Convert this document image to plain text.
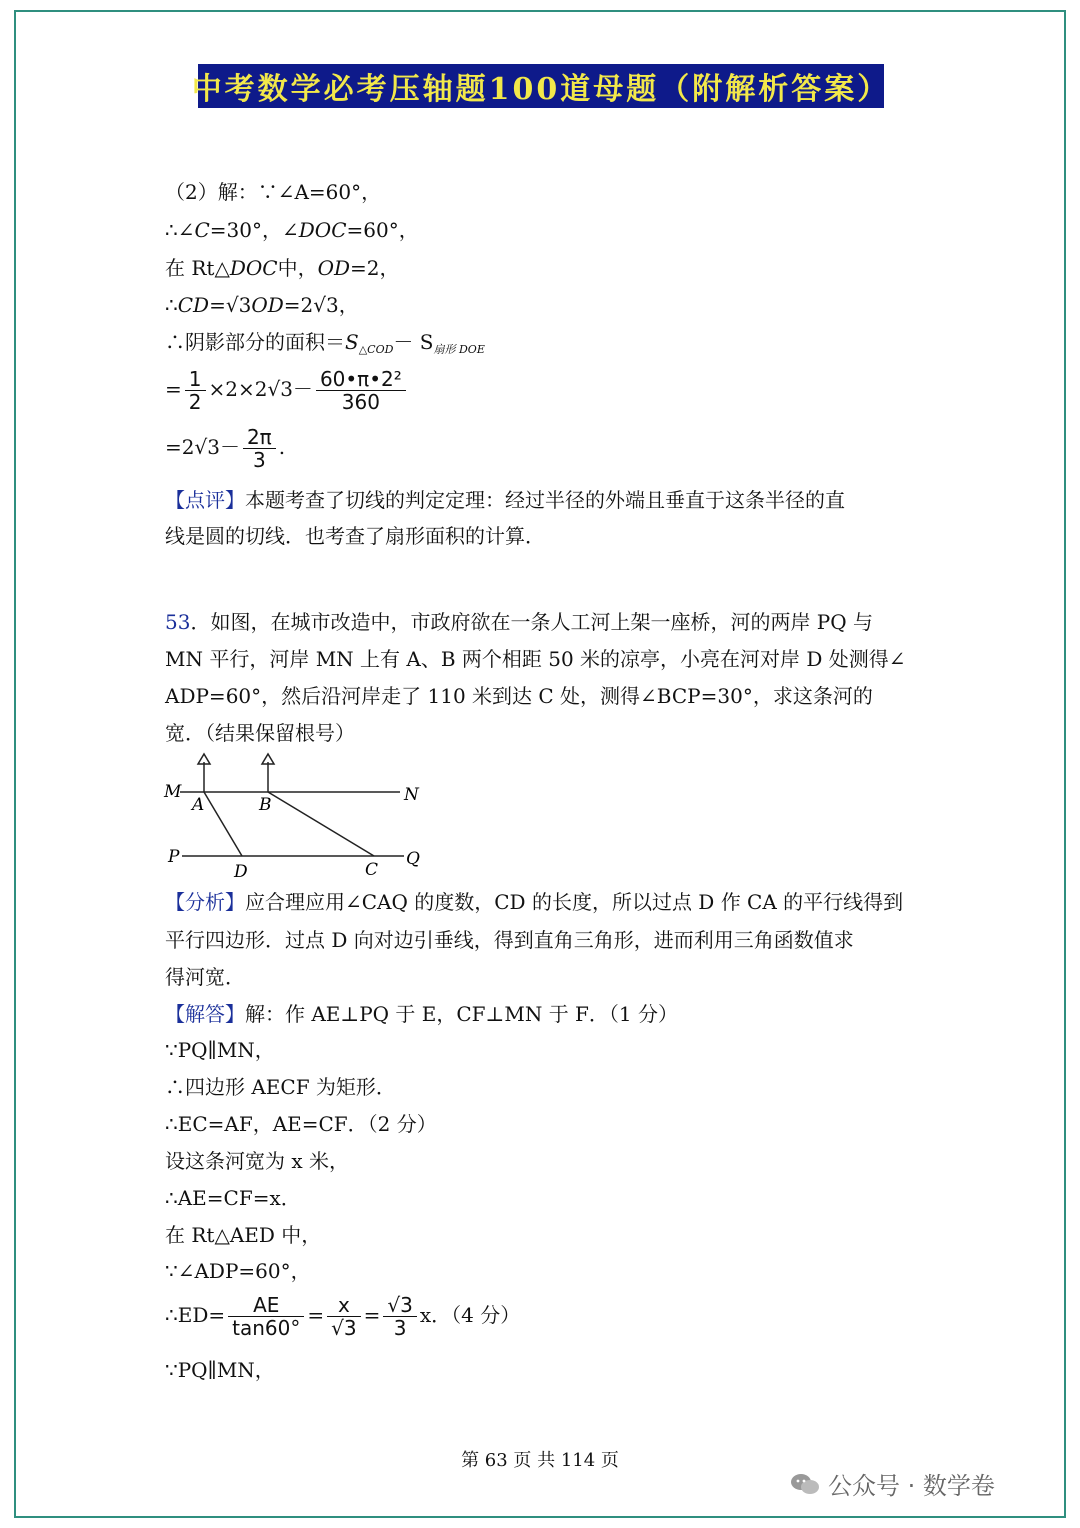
中考数学必考压轴题100道母题（附解析答案）
（2）解：∵∠A=60°，
∴∠C=30°，∠DOC=60°，
在 Rt△DOC中，OD=2，
∴CD=√3OD=2√3，
∴阴影部分的面积$=S_{\triangle COD}- S_{扇形 DOE}$
= $\frac{1}{2} \times 2\times 2√3- \frac{\text{60•π•2²}}{360}$
$=2√3- \frac{2\pi}{3}$ .
【点评】本题考查了切线的判定定理：经过半径的外端且垂直于这条半径的直
线是圆的切线．也考查了扇形面积的计算．
53．如图，在城市改造中，市政府欲在一条人工河上架一座桥，河的两岸 PQ 与
MN 平行，河岸 MN 上有 A、B 两个相距 50 米的凉亭，小亮在河对岸 D 处测得∠
ADP=60°，然后沿河岸走了 110 米到达 C 处，测得∠BCP=30°，求这条河的
宽．（结果保留根号）
M
A	B	N
P
D	C
Q
【分析】应合理应用∠CAQ 的度数，CD 的长度，所以过点 D 作 CA 的平行线得到
平行四边形．过点 D 向对边引垂线，得到直角三角形，进而利用三角函数值求
得河宽．
【解答】解：作 AE⊥PQ 于 E，CF⊥MN 于 F．（1 分）
∵PQ∥MN，
∴四边形 AECF 为矩形．
∴EC=AF，AE=CF．（2 分）
设这条河宽为 x 米，
∴AE=CF=x．
在 Rt△AED 中，
∵∠ADP=60°，
∴ED= $\frac{AE}{\tan 60^\circ} = \frac{x}{√3} = \frac{√3}{3}$ x．（4 分）
∵PQ∥MN，
第 63 页 共 114 页
公众号 · 数学卷
